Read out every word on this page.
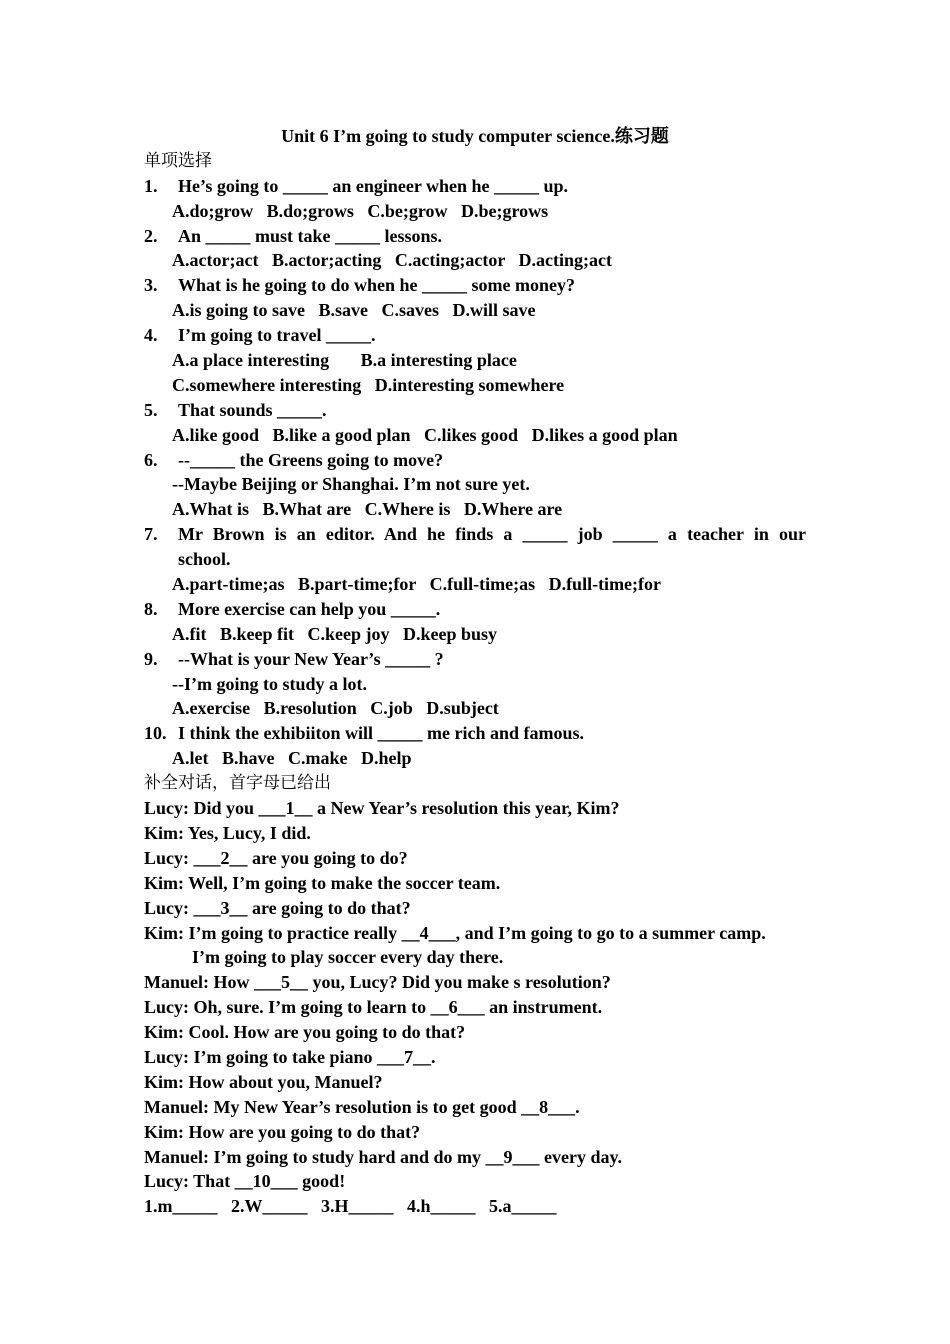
Unit 6 I’m going to study computer science.练习题
单项选择
1. He’s going to _____ an engineer when he _____ up.
A.do;grow   B.do;grows   C.be;grow   D.be;grows
2. An _____ must take _____ lessons.
A.actor;act   B.actor;acting   C.acting;actor   D.acting;act
3. What is he going to do when he _____ some money?
A.is going to save   B.save   C.saves   D.will save
4. I’m going to travel _____.
A.a place interesting       B.a interesting place
C.somewhere interesting   D.interesting somewhere
5. That sounds _____.
A.like good   B.like a good plan   C.likes good   D.likes a good plan
6. --_____ the Greens going to move?
--Maybe Beijing or Shanghai. I’m not sure yet.
A.What is   B.What are   C.Where is   D.Where are
7. Mr Brown is an editor. And he finds a _____ job _____ a teacher in our
school.
A.part-time;as   B.part-time;for   C.full-time;as   D.full-time;for
8. More exercise can help you _____.
A.fit   B.keep fit   C.keep joy   D.keep busy
9. --What is your New Year’s _____ ?
--I’m going to study a lot.
A.exercise   B.resolution   C.job   D.subject
10. I think the exhibiiton will _____ me rich and famous.
A.let   B.have   C.make   D.help
补全对话，首字母已给出
Lucy: Did you ___1__ a New Year’s resolution this year, Kim?
Kim: Yes, Lucy, I did.
Lucy: ___2__ are you going to do?
Kim: Well, I’m going to make the soccer team.
Lucy: ___3__ are going to do that?
Kim: I’m going to practice really __4___, and I’m going to go to a summer camp.
I’m going to play soccer every day there.
Manuel: How ___5__ you, Lucy? Did you make s resolution?
Lucy: Oh, sure. I’m going to learn to __6___ an instrument.
Kim: Cool. How are you going to do that?
Lucy: I’m going to take piano ___7__.
Kim: How about you, Manuel?
Manuel: My New Year’s resolution is to get good __8___.
Kim: How are you going to do that?
Manuel: I’m going to study hard and do my __9___ every day.
Lucy: That __10___ good!
1.m_____   2.W_____   3.H_____   4.h_____   5.a_____
